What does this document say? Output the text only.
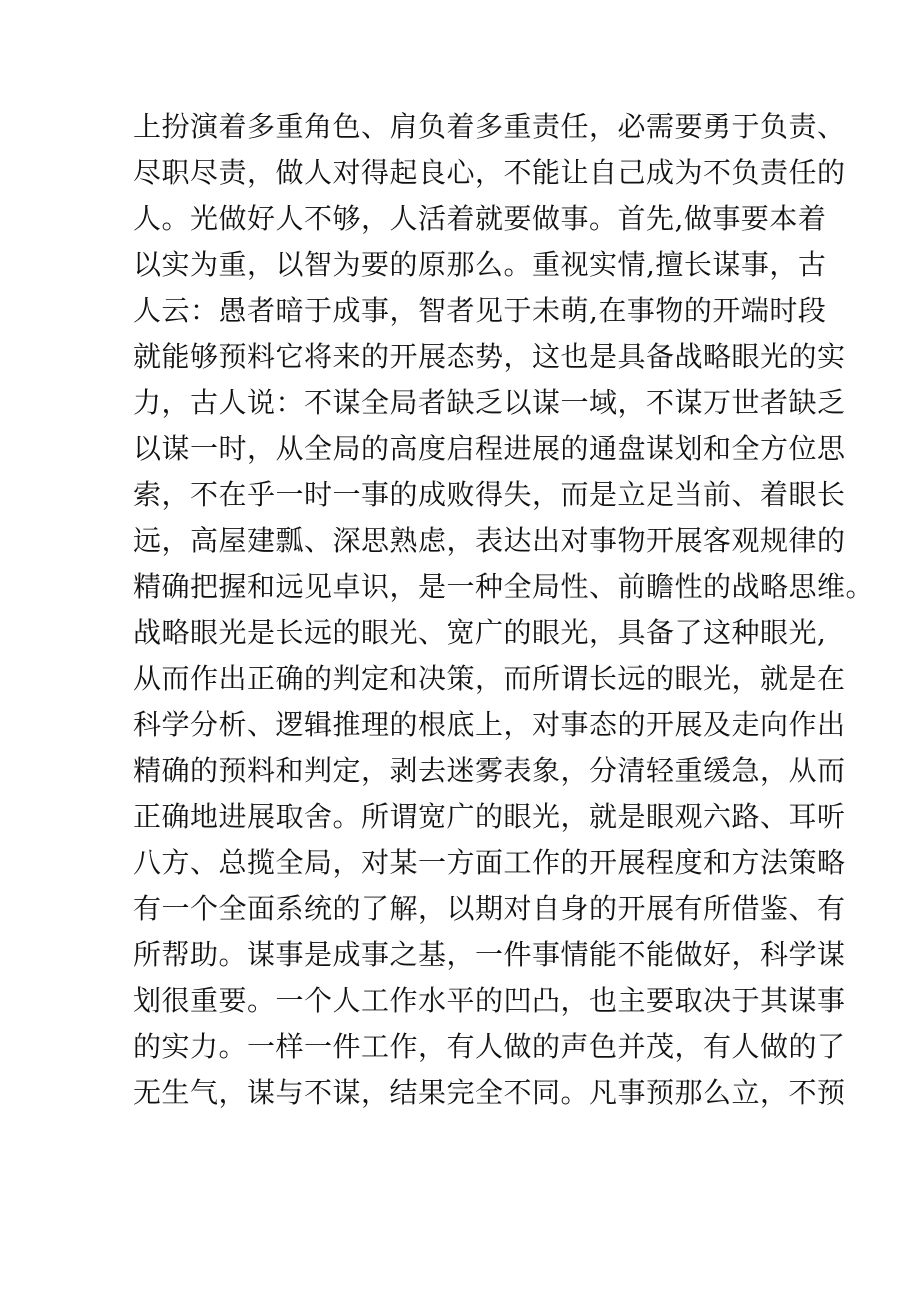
上扮演着多重角色、肩负着多重责任，必需要勇于负责、
尽职尽责，做人对得起良心，不能让自己成为不负责任的
人。光做好人不够，人活着就要做事。首先,做事要本着
以实为重，以智为要的原那么。重视实情,擅长谋事，古
人云：愚者暗于成事，智者见于未萌,在事物的开端时段
就能够预料它将来的开展态势，这也是具备战略眼光的实
力，古人说：不谋全局者缺乏以谋一域，不谋万世者缺乏
以谋一时，从全局的高度启程进展的通盘谋划和全方位思
索，不在乎一时一事的成败得失，而是立足当前、着眼长
远，高屋建瓢、深思熟虑，表达出对事物开展客观规律的
精确把握和远见卓识，是一种全局性、前瞻性的战略思维。
战略眼光是长远的眼光、宽广的眼光，具备了这种眼光,
从而作出正确的判定和决策，而所谓长远的眼光，就是在
科学分析、逻辑推理的根底上，对事态的开展及走向作出
精确的预料和判定，剥去迷雾表象，分清轻重缓急，从而
正确地进展取舍。所谓宽广的眼光，就是眼观六路、耳听
八方、总揽全局，对某一方面工作的开展程度和方法策略
有一个全面系统的了解，以期对自身的开展有所借鉴、有
所帮助。谋事是成事之基，一件事情能不能做好，科学谋
划很重要。一个人工作水平的凹凸，也主要取决于其谋事
的实力。一样一件工作，有人做的声色并茂，有人做的了
无生气，谋与不谋，结果完全不同。凡事预那么立，不预
